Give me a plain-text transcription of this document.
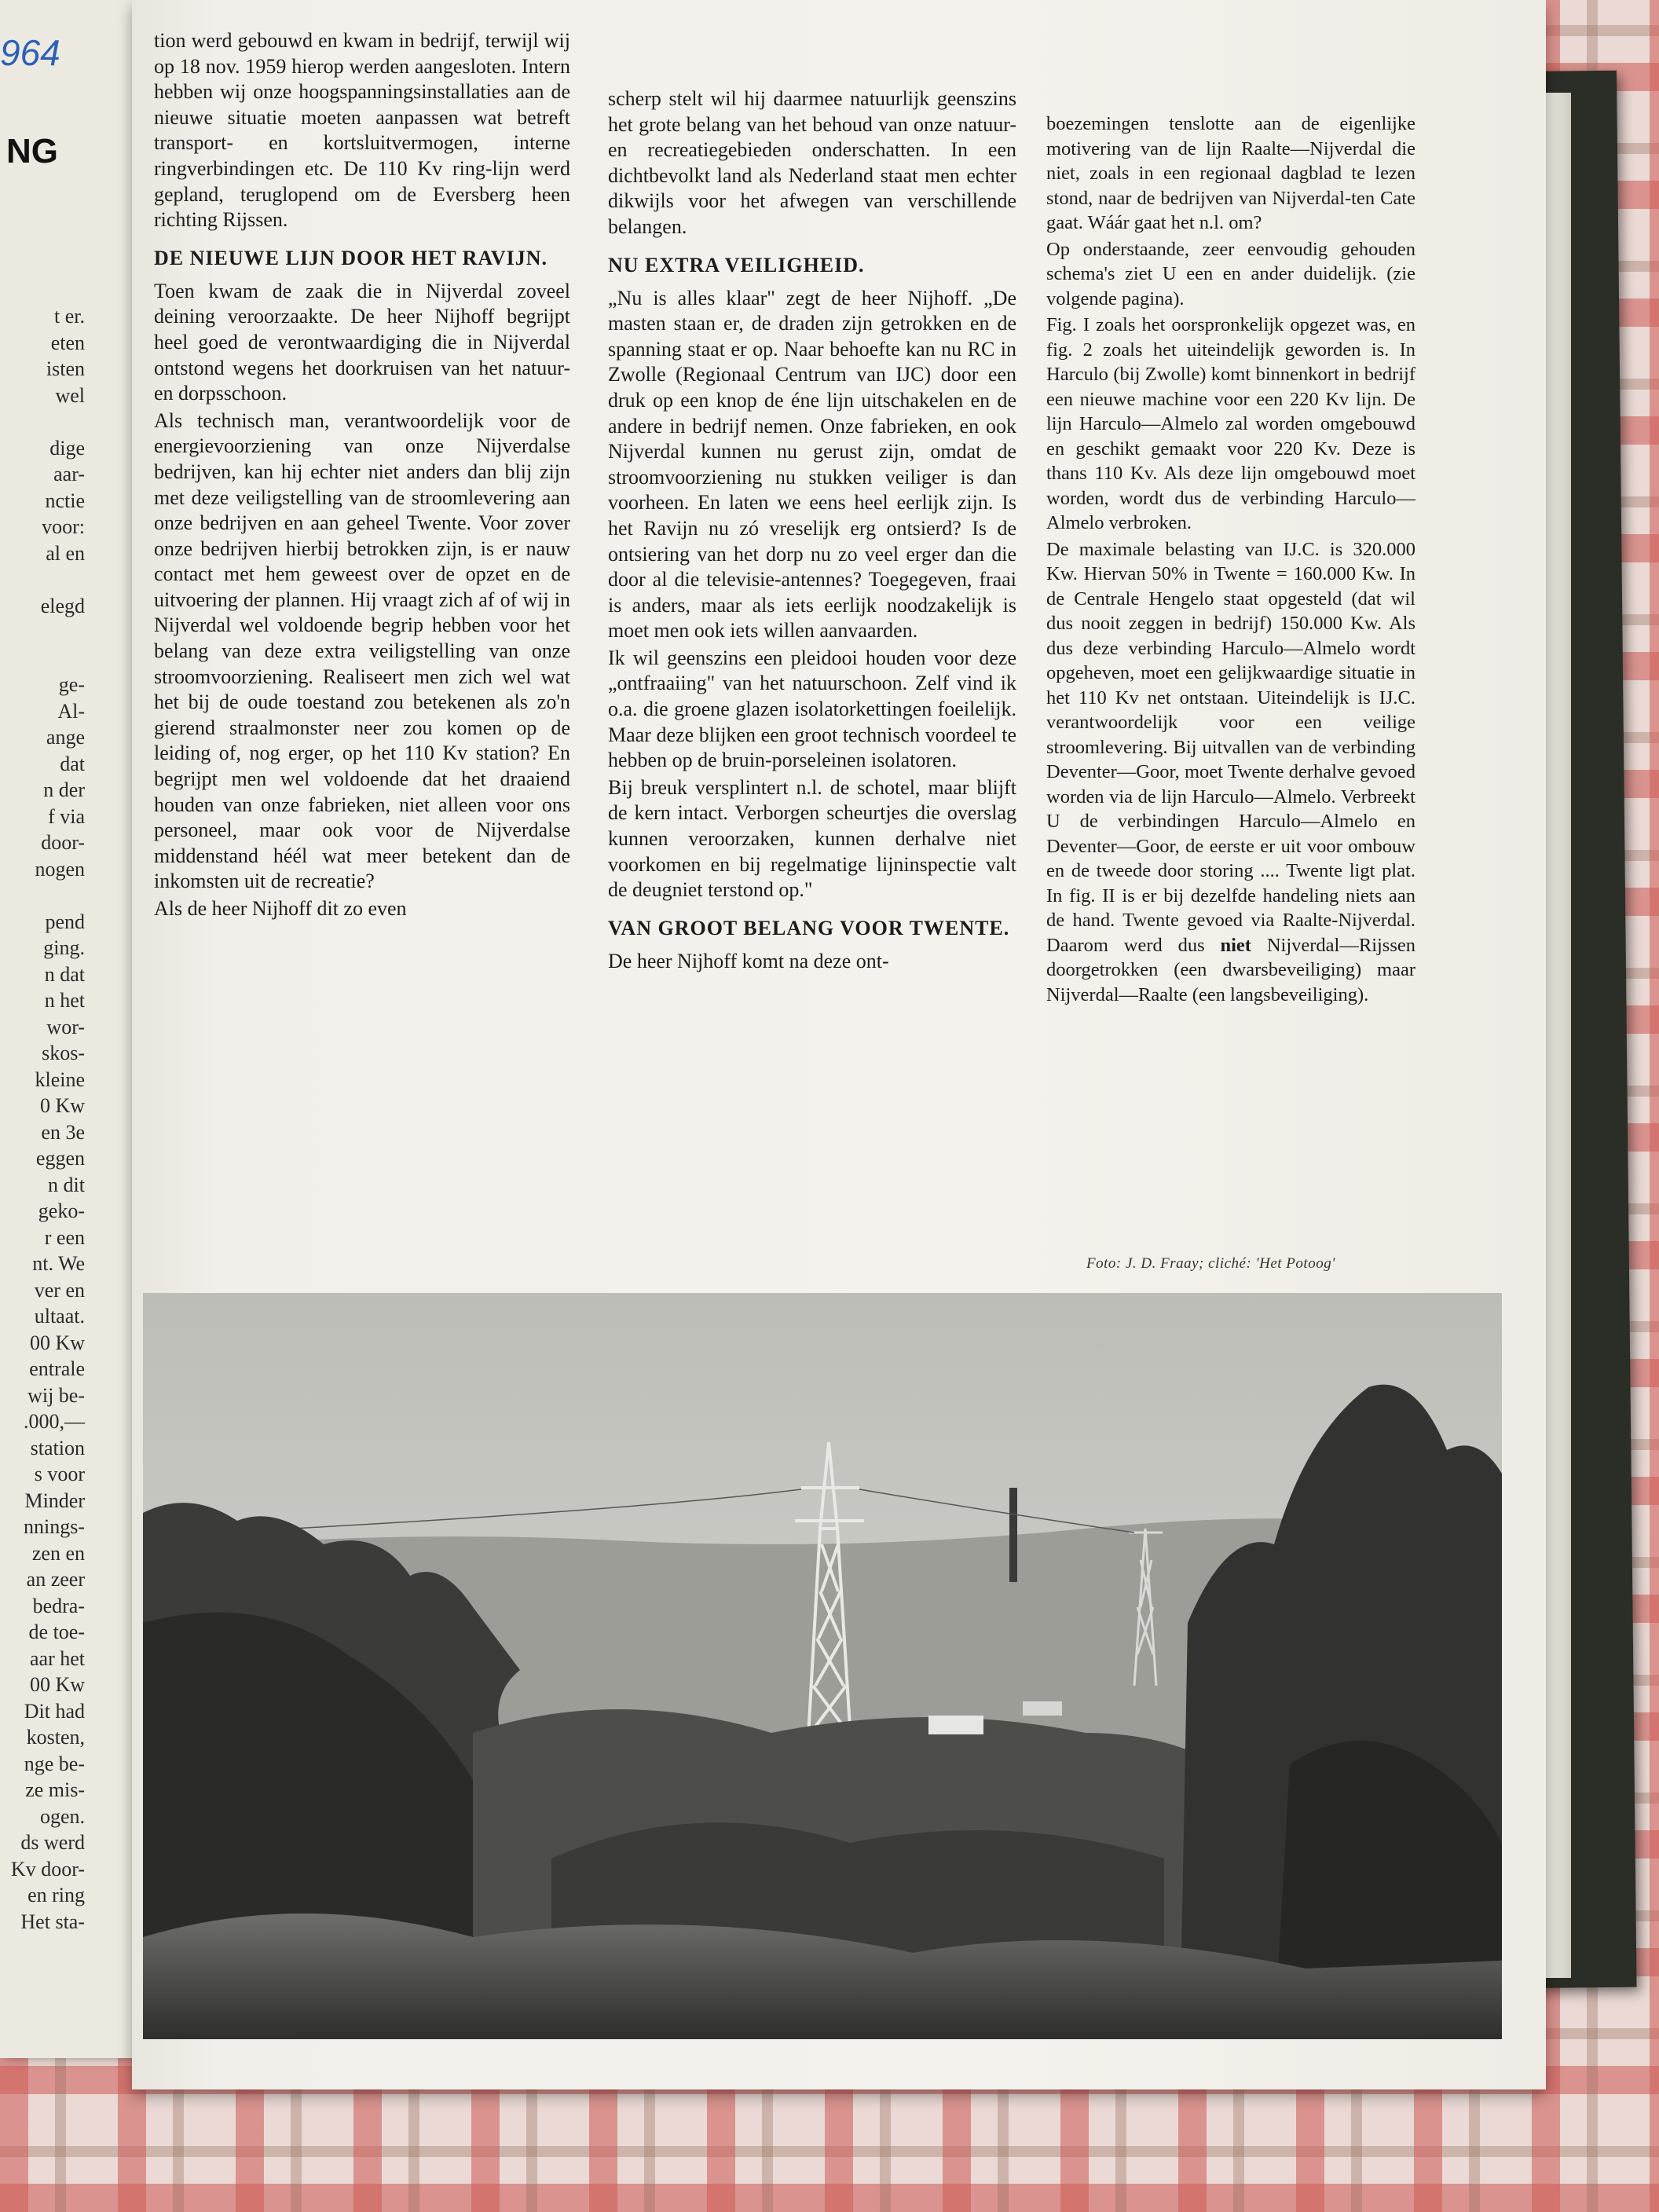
964
NG
t er.
eten
isten
wel

dige
aar-
nctie
voor:
al en

elegd

ge-
Al-
ange
dat
n der
f via
door-
nogen

pend
ging.
n dat
n het
wor-
skos-
kleine
0 Kw
en 3e
eggen
n dit
geko-
r een
nt. We
ver en
ultaat.
00 Kw
entrale
wij be-
.000,—
station
s voor
Minder
nnings-
zen en
an zeer
bedra-
de toe-
aar het
00 Kw
Dit had
kosten,
nge be-
ze mis-
ogen.
ds werd
Kv door-
en ring
Het sta-

tion werd gebouwd en kwam in bedrijf, terwijl wij op 18 nov. 1959 hierop werden aangesloten. Intern hebben wij onze hoogspanningsinstallaties aan de nieuwe situatie moeten aanpassen wat betreft transport- en kortsluitvermogen, interne ringverbindingen etc. De 110 Kv ring-lijn werd gepland, teruglopend om de Eversberg heen richting Rijssen.

DE NIEUWE LIJN DOOR HET RAVIJN.

Toen kwam de zaak die in Nijverdal zoveel deining veroorzaakte. De heer Nijhoff begrijpt heel goed de verontwaardiging die in Nijverdal ontstond wegens het doorkruisen van het natuur- en dorpsschoon.

Als technisch man, verantwoordelijk voor de energievoorziening van onze Nijverdalse bedrijven, kan hij echter niet anders dan blij zijn met deze veiligstelling van de stroomlevering aan onze bedrijven en aan geheel Twente. Voor zover onze bedrijven hierbij betrokken zijn, is er nauw contact met hem geweest over de opzet en de uitvoering der plannen. Hij vraagt zich af of wij in Nijverdal wel voldoende begrip hebben voor het belang van deze extra veiligstelling van onze stroomvoorziening. Realiseert men zich wel wat het bij de oude toestand zou betekenen als zo'n gierend straalmonster neer zou komen op de leiding of, nog erger, op het 110 Kv station? En begrijpt men wel voldoende dat het draaiend houden van onze fabrieken, niet alleen voor ons personeel, maar ook voor de Nijverdalse middenstand héél wat meer betekent dan de inkomsten uit de recreatie?

Als de heer Nijhoff dit zo even

scherp stelt wil hij daarmee natuurlijk geenszins het grote belang van het behoud van onze natuur- en recreatiegebieden onderschatten. In een dichtbevolkt land als Nederland staat men echter dikwijls voor het afwegen van verschillende belangen.

NU EXTRA VEILIGHEID.

„Nu is alles klaar" zegt de heer Nijhoff. „De masten staan er, de draden zijn getrokken en de spanning staat er op. Naar behoefte kan nu RC in Zwolle (Regionaal Centrum van IJC) door een druk op een knop de éne lijn uitschakelen en de andere in bedrijf nemen. Onze fabrieken, en ook Nijverdal kunnen nu gerust zijn, omdat de stroomvoorziening nu stukken veiliger is dan voorheen. En laten we eens heel eerlijk zijn. Is het Ravijn nu zó vreselijk erg ontsierd? Is de ontsiering van het dorp nu zo veel erger dan die door al die televisie-antennes? Toegegeven, fraai is anders, maar als iets eerlijk noodzakelijk is moet men ook iets willen aanvaarden.

Ik wil geenszins een pleidooi houden voor deze „ontfraaiing" van het natuurschoon. Zelf vind ik o.a. die groene glazen isolatorkettingen foeilelijk. Maar deze blijken een groot technisch voordeel te hebben op de bruin-porseleinen isolatoren.

Bij breuk versplintert n.l. de schotel, maar blijft de kern intact. Verborgen scheurtjes die overslag kunnen veroorzaken, kunnen derhalve niet voorkomen en bij regelmatige lijninspectie valt de deugniet terstond op."

VAN GROOT BELANG VOOR TWENTE.

De heer Nijhoff komt na deze ont-

boezemingen tenslotte aan de eigenlijke motivering van de lijn Raalte—Nijverdal die niet, zoals in een regionaal dagblad te lezen stond, naar de bedrijven van Nijverdal-ten Cate gaat. Wáár gaat het n.l. om?

Op onderstaande, zeer eenvoudig gehouden schema's ziet U een en ander duidelijk. (zie volgende pagina).

Fig. I zoals het oorspronkelijk opgezet was, en fig. 2 zoals het uiteindelijk geworden is. In Harculo (bij Zwolle) komt binnenkort in bedrijf een nieuwe machine voor een 220 Kv lijn. De lijn Harculo—Almelo zal worden omgebouwd en geschikt gemaakt voor 220 Kv. Deze is thans 110 Kv. Als deze lijn omgebouwd moet worden, wordt dus de verbinding Harculo—Almelo verbroken.

De maximale belasting van IJ.C. is 320.000 Kw. Hiervan 50% in Twente = 160.000 Kw. In de Centrale Hengelo staat opgesteld (dat wil dus nooit zeggen in bedrijf) 150.000 Kw. Als dus deze verbinding Harculo—Almelo wordt opgeheven, moet een gelijkwaardige situatie in het 110 Kv net ontstaan. Uiteindelijk is IJ.C. verantwoordelijk voor een veilige stroomlevering. Bij uitvallen van de verbinding Deventer—Goor, moet Twente derhalve gevoed worden via de lijn Harculo—Almelo. Verbreekt U de verbindingen Harculo—Almelo en Deventer—Goor, de eerste er uit voor ombouw en de tweede door storing .... Twente ligt plat. In fig. II is er bij dezelfde handeling niets aan de hand. Twente gevoed via Raalte-Nijverdal. Daarom werd dus niet Nijverdal—Rijssen doorgetrokken (een dwarsbeveiliging) maar Nijverdal—Raalte (een langsbeveiliging).

Foto: J. D. Fraay; cliché: 'Het Potoog'
